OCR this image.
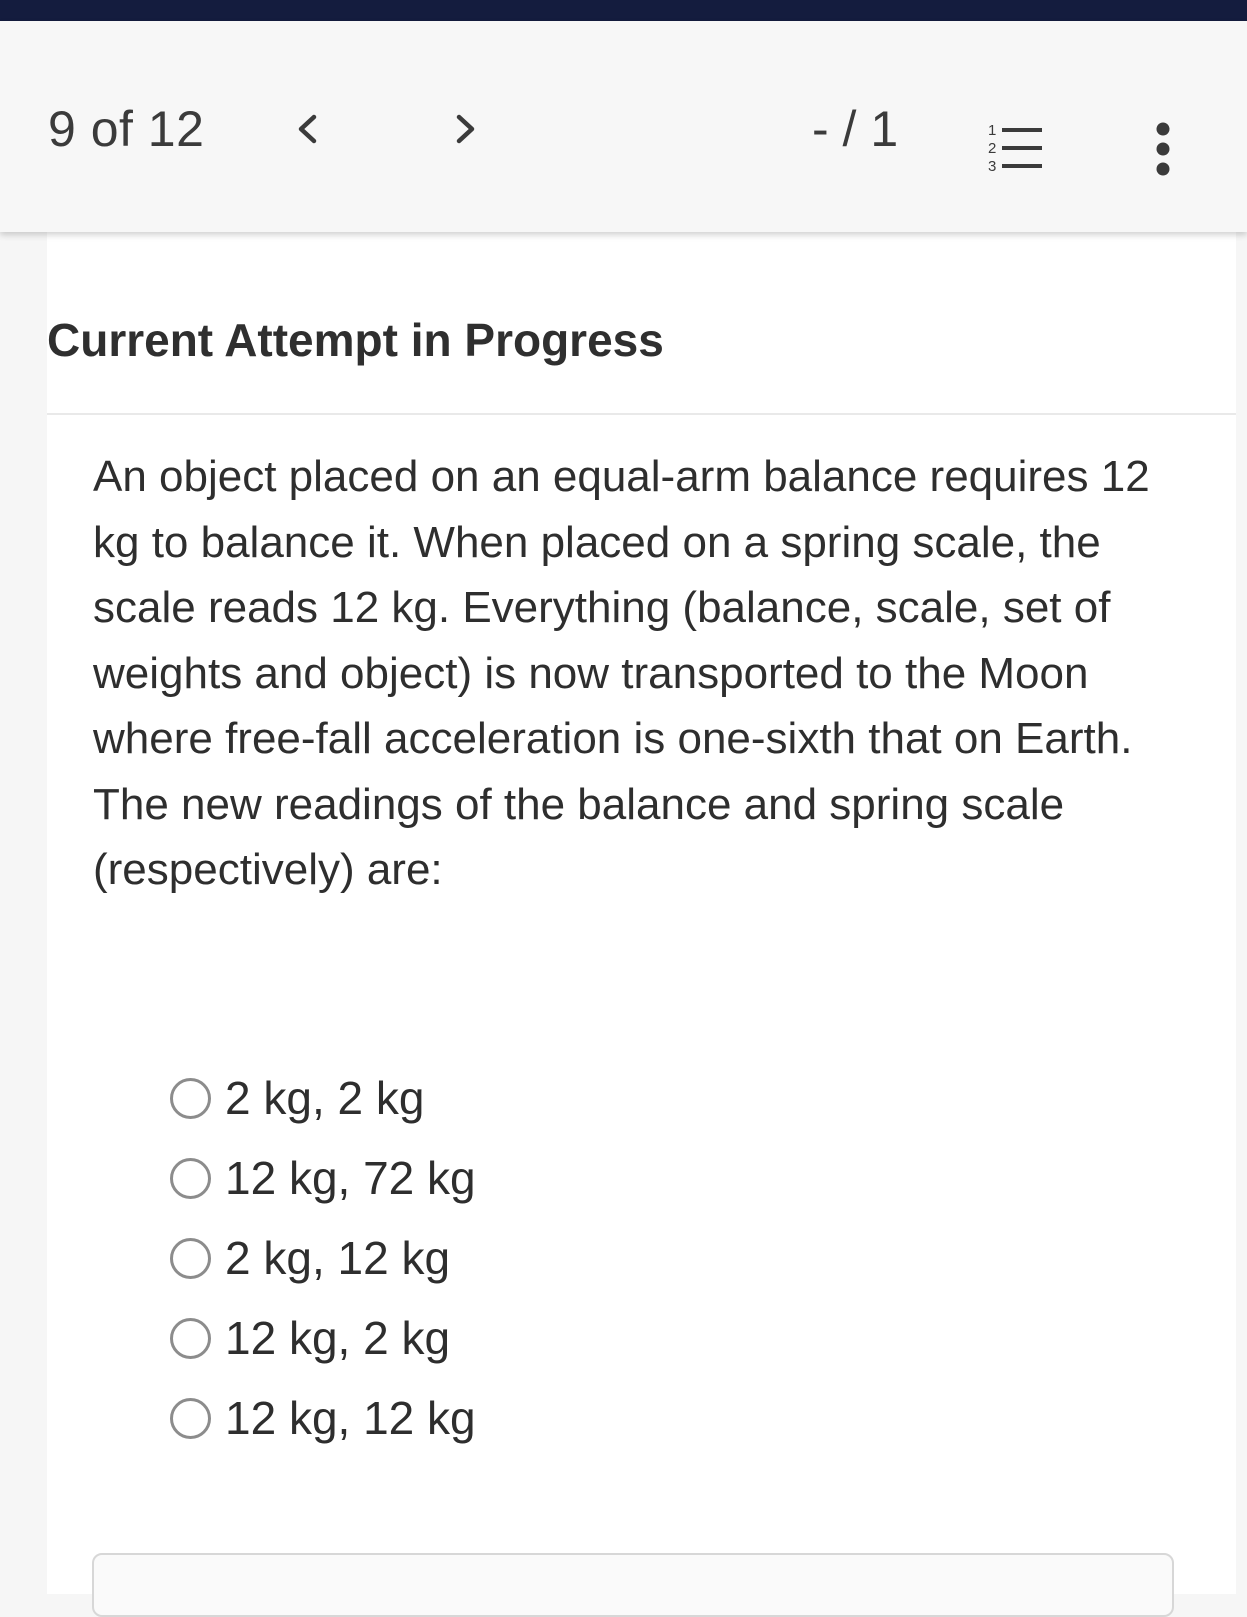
9 of 12	- / 1	1
2
3
Current Attempt in Progress

An object placed on an equal-arm balance requires 12 kg to balance it. When placed on a spring scale, the scale reads 12 kg. Everything (balance, scale, set of weights and object) is now transported to the Moon where free-fall acceleration is one-sixth that on Earth. The new readings of the balance and spring scale (respectively) are:

2 kg, 2 kg
12 kg, 72 kg
2 kg, 12 kg
12 kg, 2 kg
12 kg, 12 kg
